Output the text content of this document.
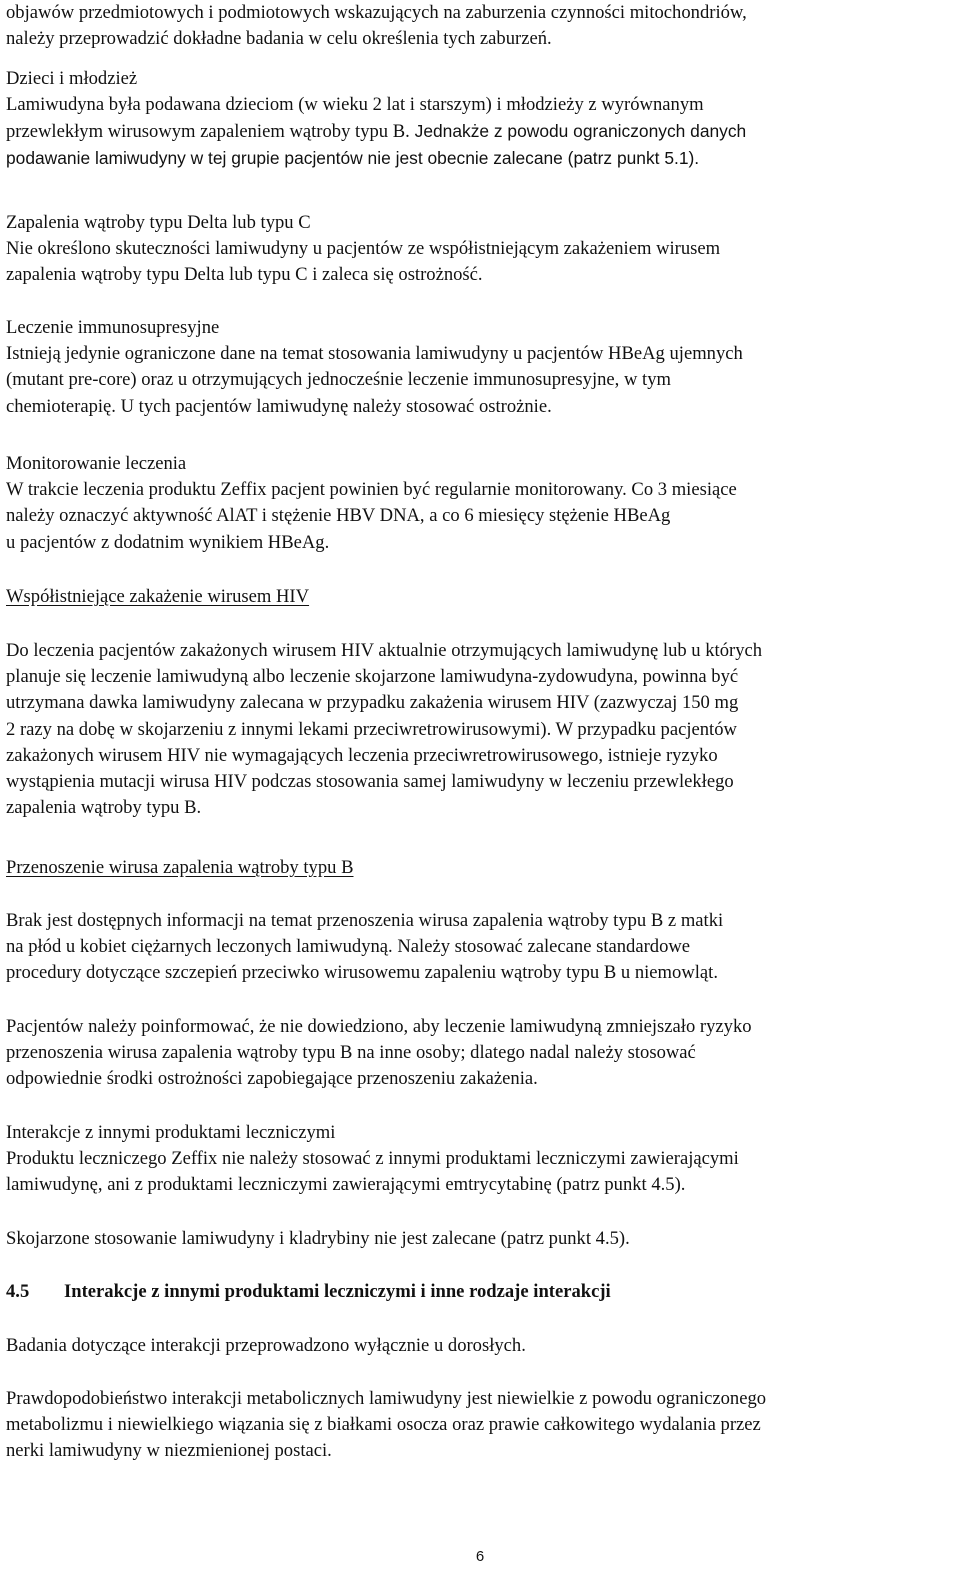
objawów przedmiotowych i podmiotowych wskazujących na zaburzenia czynności mitochondriów,
należy przeprowadzić dokładne badania w celu określenia tych zaburzeń.
Dzieci i młodzież
Lamiwudyna była podawana dzieciom (w wieku 2 lat i starszym) i młodzieży z wyrównanym
przewlekłym wirusowym zapaleniem wątroby typu B. Jednakże z powodu ograniczonych danych
podawanie lamiwudyny w tej grupie pacjentów nie jest obecnie zalecane (patrz punkt 5.1).
Zapalenia wątroby typu Delta lub typu C
Nie określono skuteczności lamiwudyny u pacjentów ze współistniejącym zakażeniem wirusem
zapalenia wątroby typu Delta lub typu C i zaleca się ostrożność.
Leczenie immunosupresyjne
Istnieją jedynie ograniczone dane na temat stosowania lamiwudyny u pacjentów HBeAg ujemnych
(mutant pre-core) oraz u otrzymujących jednocześnie leczenie immunosupresyjne, w tym
chemioterapię. U tych pacjentów lamiwudynę należy stosować ostrożnie.
Monitorowanie leczenia
W trakcie leczenia produktu Zeffix pacjent powinien być regularnie monitorowany. Co 3 miesiące
należy oznaczyć aktywność AlAT i stężenie HBV DNA, a co 6 miesięcy stężenie HBeAg
u pacjentów z dodatnim wynikiem HBeAg.
Współistniejące zakażenie wirusem HIV
Do leczenia pacjentów zakażonych wirusem HIV aktualnie otrzymujących lamiwudynę lub u których
planuje się leczenie lamiwudyną albo leczenie skojarzone lamiwudyna-zydowudyna, powinna być
utrzymana dawka lamiwudyny zalecana w przypadku zakażenia wirusem HIV (zazwyczaj 150 mg
2 razy na dobę w skojarzeniu z innymi lekami przeciwretrowirusowymi). W przypadku pacjentów
zakażonych wirusem HIV nie wymagających leczenia przeciwretrowirusowego, istnieje ryzyko
wystąpienia mutacji wirusa HIV podczas stosowania samej lamiwudyny w leczeniu przewlekłego
zapalenia wątroby typu B.
Przenoszenie wirusa zapalenia wątroby typu B
Brak jest dostępnych informacji na temat przenoszenia wirusa zapalenia wątroby typu B z matki
na płód u kobiet ciężarnych leczonych lamiwudyną. Należy stosować zalecane standardowe
procedury dotyczące szczepień przeciwko wirusowemu zapaleniu wątroby typu B u niemowląt.
Pacjentów należy poinformować, że nie dowiedziono, aby leczenie lamiwudyną zmniejszało ryzyko
przenoszenia wirusa zapalenia wątroby typu B na inne osoby; dlatego nadal należy stosować
odpowiednie środki ostrożności zapobiegające przenoszeniu zakażenia.
Interakcje z innymi produktami leczniczymi
Produktu leczniczego Zeffix nie należy stosować z innymi produktami leczniczymi zawierającymi
lamiwudynę, ani z produktami leczniczymi zawierającymi emtrycytabinę (patrz punkt 4.5).
Skojarzone stosowanie lamiwudyny i kladrybiny nie jest zalecane (patrz punkt 4.5).
4.5 Interakcje z innymi produktami leczniczymi i inne rodzaje interakcji
Badania dotyczące interakcji przeprowadzono wyłącznie u dorosłych.
Prawdopodobieństwo interakcji metabolicznych lamiwudyny jest niewielkie z powodu ograniczonego
metabolizmu i niewielkiego wiązania się z białkami osocza oraz prawie całkowitego wydalania przez
nerki lamiwudyny w niezmienionej postaci.
6
